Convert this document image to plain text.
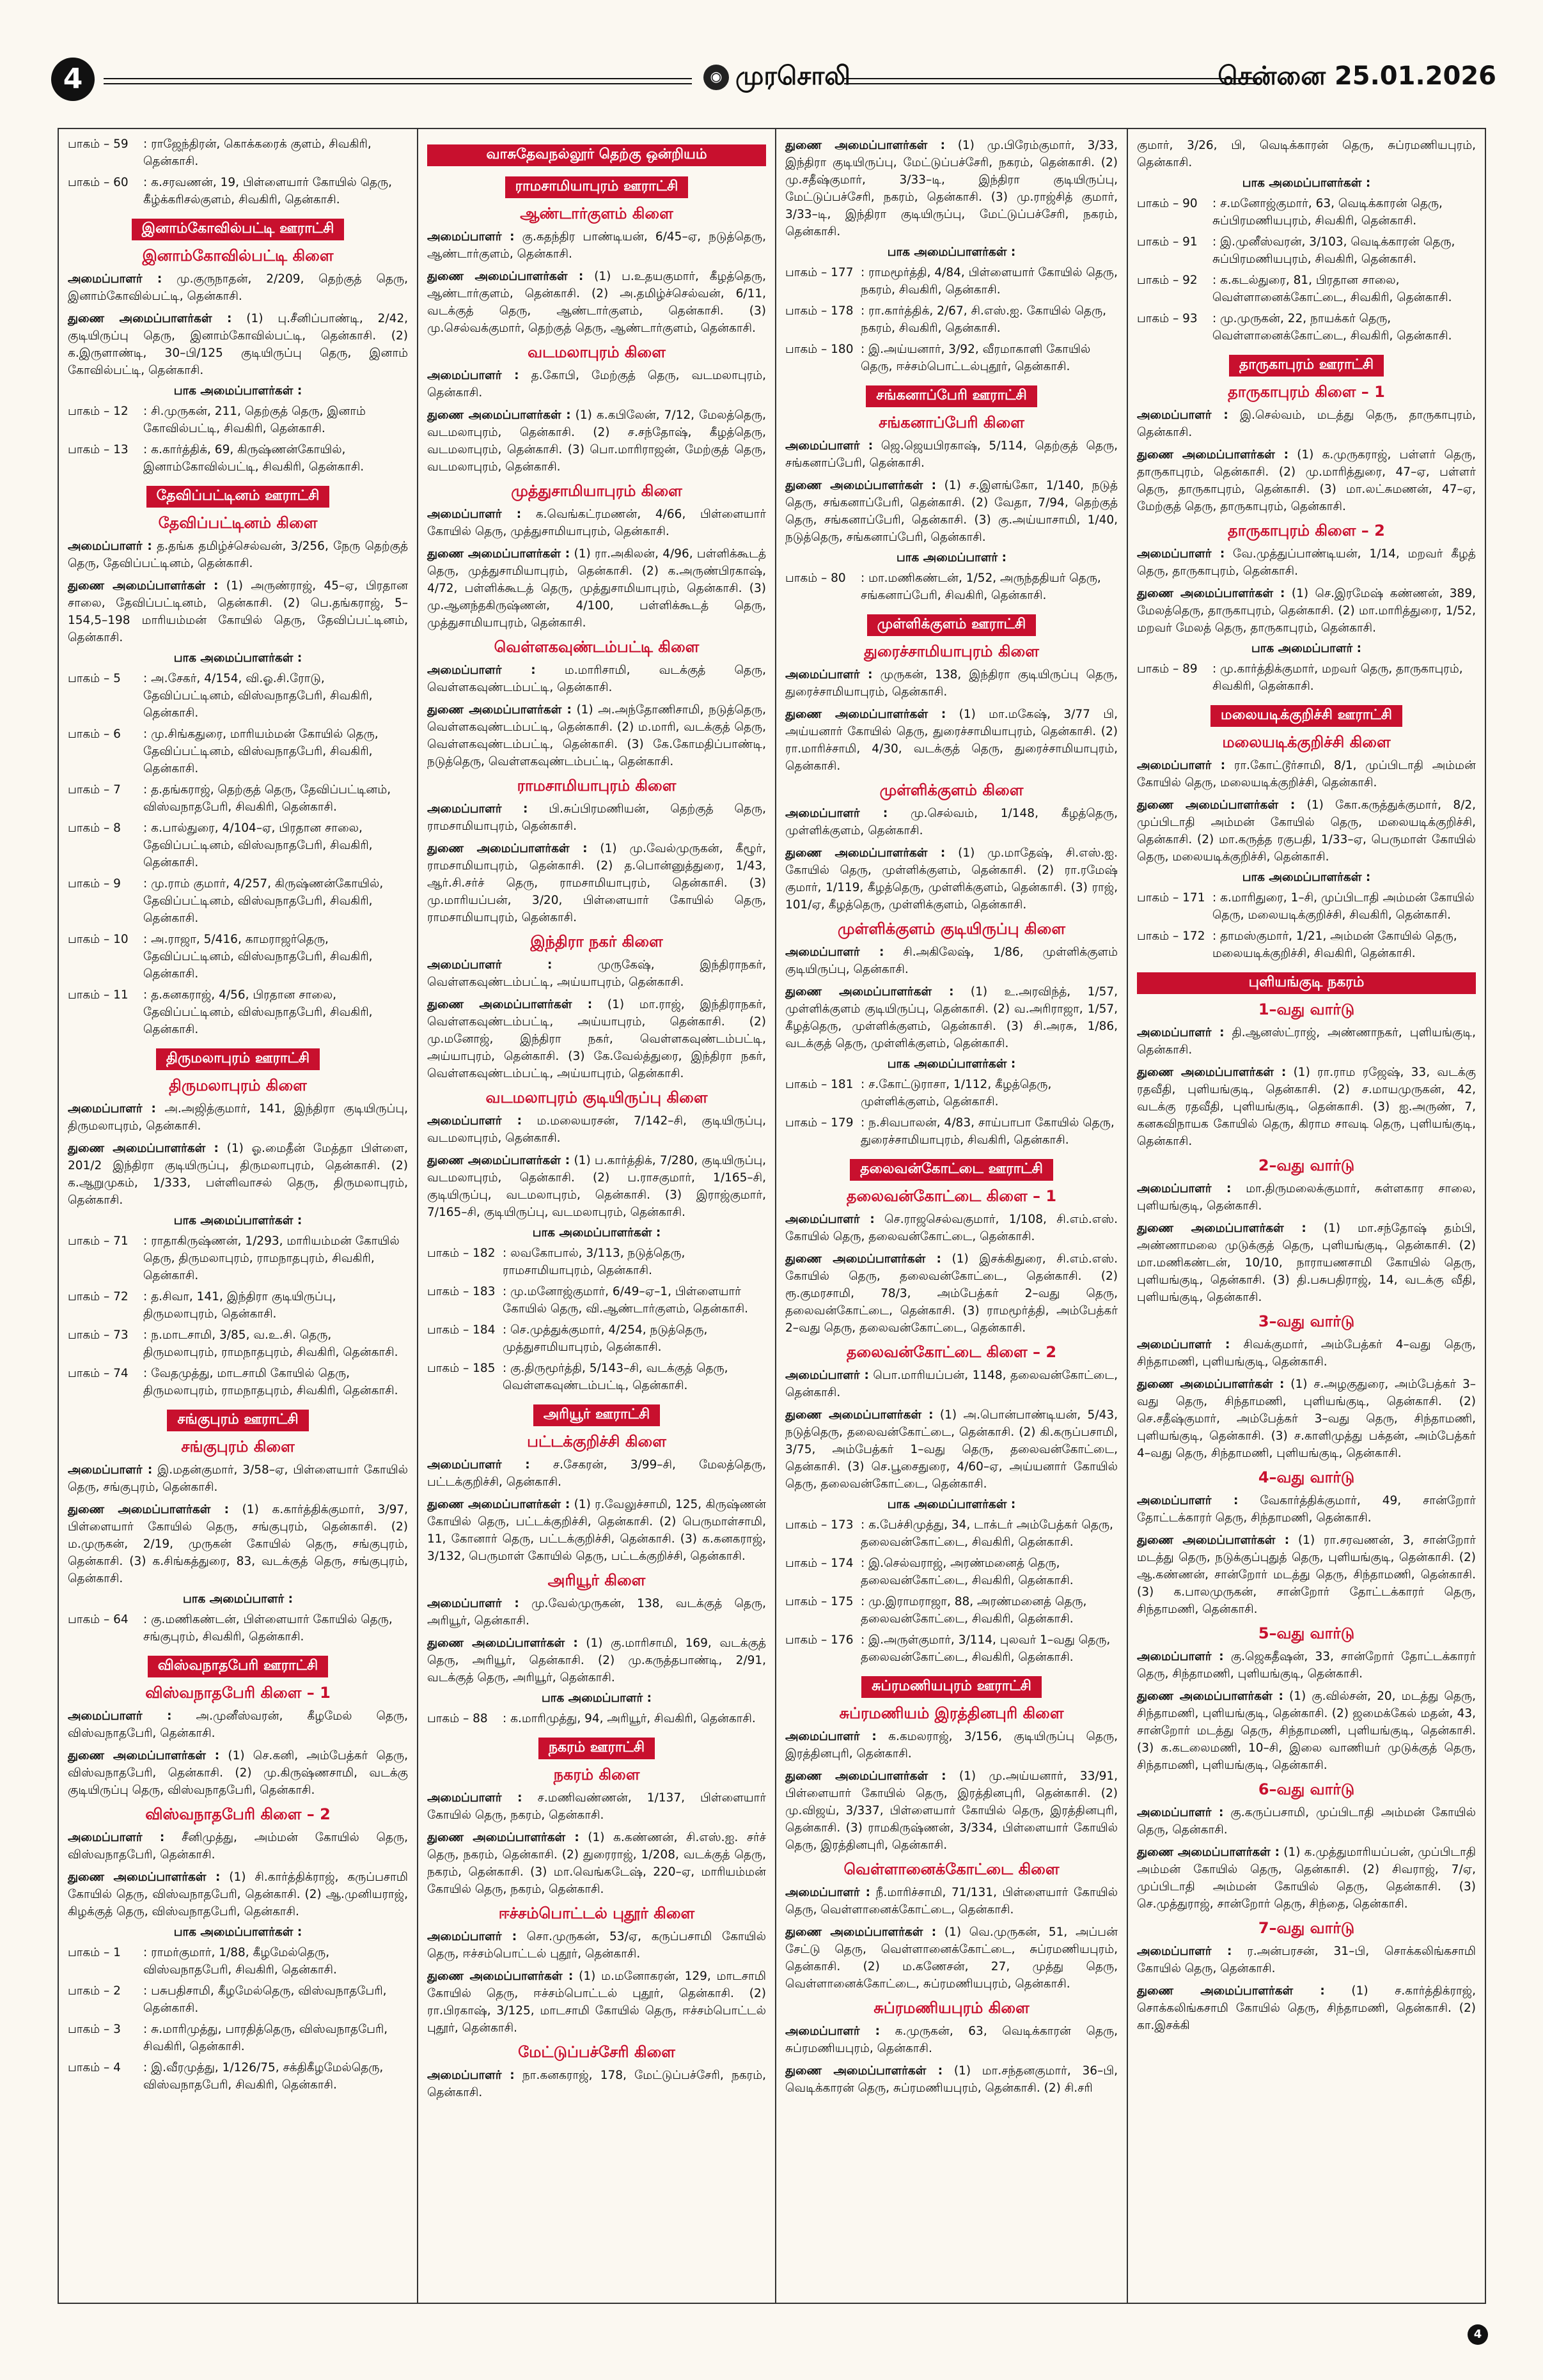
4	◉ முரசொலி	சென்னை 25.01.2026
பாகம் – 59	: ராஜேந்திரன், கொக்கரைக் குளம், சிவகிரி, தென்காசி.
பாகம் – 60	: க.சரவணன், 19, பிள்ளையார் கோயில் தெரு, கீழ்க்கரிசல்குளம், சிவகிரி, தென்காசி.
இனாம்கோவில்பட்டி ஊராட்சி
இனாம்கோவில்பட்டி கிளை
அமைப்பாளர் : மு.குருநாதன், 2/209, தெற்குத் தெரு, இனாம்கோவில்பட்டி, தென்காசி.
துணை அமைப்பாளர்கள் : (1) பு.சீனிப்பாண்டி, 2/42, குடியிருப்பு தெரு, இனாம்கோவில்பட்டி, தென்காசி. (2) க.இருளாண்டி, 30–பி/125 குடியிருப்பு தெரு, இனாம் கோவில்பட்டி, தென்காசி.
பாக அமைப்பாளர்கள் :
பாகம் – 12	: சி.முருகன், 211, தெற்குத் தெரு, இனாம் கோவில்பட்டி, சிவகிரி, தென்காசி.
பாகம் – 13	: க.கார்த்திக், 69, கிருஷ்ணன்கோயில், இனாம்கோவில்பட்டி, சிவகிரி, தென்காசி.
தேவிப்பட்டினம் ஊராட்சி
தேவிப்பட்டினம் கிளை
அமைப்பாளர் : த.தங்க தமிழ்ச்செல்வன், 3/256, நேரு தெற்குத் தெரு, தேவிப்பட்டினம், தென்காசி.
துணை அமைப்பாளர்கள் : (1) அருண்ராஜ், 45–ஏ, பிரதான சாலை, தேவிப்பட்டினம், தென்காசி. (2) பெ.தங்கராஜ், 5–154,5–198 மாரியம்மன் கோயில் தெரு, தேவிப்பட்டினம், தென்காசி.
பாக அமைப்பாளர்கள் :
பாகம் – 5	: அ.சேகர், 4/154, வி.ஓ.சி.ரோடு, தேவிப்பட்டினம், விஸ்வநாதபேரி, சிவகிரி, தென்காசி.
பாகம் – 6	: மு.சிங்கதுரை, மாரியம்மன் கோயில் தெரு, தேவிப்பட்டினம், விஸ்வநாதபேரி, சிவகிரி, தென்காசி.
பாகம் – 7	: த.தங்கராஜ், தெற்குத் தெரு, தேவிப்பட்டினம், விஸ்வநாதபேரி, சிவகிரி, தென்காசி.
பாகம் – 8	: க.பால்துரை, 4/104–ஏ, பிரதான சாலை, தேவிப்பட்டினம், விஸ்வநாதபேரி, சிவகிரி, தென்காசி.
பாகம் – 9	: மு.ராம் குமார், 4/257, கிருஷ்ணன்கோயில், தேவிப்பட்டினம், விஸ்வநாதபேரி, சிவகிரி, தென்காசி.
பாகம் – 10	: அ.ராஜா, 5/416, காமராஜர்தெரு, தேவிப்பட்டினம், விஸ்வநாதபேரி, சிவகிரி, தென்காசி.
பாகம் – 11	: த.கனகராஜ், 4/56, பிரதான சாலை, தேவிப்பட்டினம், விஸ்வநாதபேரி, சிவகிரி, தென்காசி.
திருமலாபுரம் ஊராட்சி
திருமலாபுரம் கிளை
அமைப்பாளர் : அ.அஜித்குமார், 141, இந்திரா குடியிருப்பு, திருமலாபுரம், தென்காசி.
துணை அமைப்பாளர்கள் : (1) ஓ.மைதீன் மேத்தா பிள்ளை, 201/2 இந்திரா குடியிருப்பு, திருமலாபுரம், தென்காசி. (2) க.ஆறுமுகம், 1/333, பள்ளிவாசல் தெரு, திருமலாபுரம், தென்காசி.
பாக அமைப்பாளர்கள் :
பாகம் – 71	: ராதாகிருஷ்ணன், 1/293, மாரியம்மன் கோயில் தெரு, திருமலாபுரம், ராமநாதபுரம், சிவகிரி, தென்காசி.
பாகம் – 72	: த.சிவா, 141, இந்திரா குடியிருப்பு, திருமலாபுரம், தென்காசி.
பாகம் – 73	: ந.மாடசாமி, 3/85, வ.உ.சி. தெரு, திருமலாபுரம், ராமநாதபுரம், சிவகிரி, தென்காசி.
பாகம் – 74	: வேதமுத்து, மாடசாமி கோயில் தெரு, திருமலாபுரம், ராமநாதபுரம், சிவகிரி, தென்காசி.
சங்குபுரம் ஊராட்சி
சங்குபுரம் கிளை
அமைப்பாளர் : இ.மதன்குமார், 3/58–ஏ, பிள்ளையார் கோயில் தெரு, சங்குபுரம், தென்காசி.
துணை அமைப்பாளர்கள் : (1) க.கார்த்திக்குமார், 3/97, பிள்ளையார் கோயில் தெரு, சங்குபுரம், தென்காசி. (2) ம.முருகன், 2/19, முருகன் கோயில் தெரு, சங்குபுரம், தென்காசி. (3) க.சிங்கத்துரை, 83, வடக்குத் தெரு, சங்குபுரம், தென்காசி.
பாக அமைப்பாளர் :
பாகம் – 64	: கு.மணிகண்டன், பிள்ளையார் கோயில் தெரு, சங்குபுரம், சிவகிரி, தென்காசி.
விஸ்வநாதபேரி ஊராட்சி
விஸ்வநாதபேரி கிளை – 1
அமைப்பாளர் : அ.முனீஸ்வரன், கீழமேல் தெரு, விஸ்வநாதபேரி, தென்காசி.
துணை அமைப்பாளர்கள் : (1) செ.கனி, அம்பேத்கர் தெரு, விஸ்வநாதபேரி, தென்காசி. (2) மு.கிருஷ்ணசாமி, வடக்கு குடியிருப்பு தெரு, விஸ்வநாதபேரி, தென்காசி.
விஸ்வநாதபேரி கிளை – 2
அமைப்பாளர் : சீனிமுத்து, அம்மன் கோயில் தெரு, விஸ்வநாதபேரி, தென்காசி.
துணை அமைப்பாளர்கள் : (1) சி.கார்த்திக்ராஜ், கருப்பசாமி கோயில் தெரு, விஸ்வநாதபேரி, தென்காசி. (2) ஆ.முனியராஜ், கிழக்குத் தெரு, விஸ்வநாதபேரி, தென்காசி.
பாக அமைப்பாளர்கள் :
பாகம் – 1	: ராமர்குமார், 1/88, கீழமேல்தெரு, விஸ்வநாதபேரி, சிவகிரி, தென்காசி.
பாகம் – 2	: பசுபதிசாமி, கீழமேல்தெரு, விஸ்வநாதபேரி, தென்காசி.
பாகம் – 3	: சு.மாரிமுத்து, பாரதித்தெரு, விஸ்வநாதபேரி, சிவகிரி, தென்காசி.
பாகம் – 4	: இ.வீரமுத்து, 1/126/75, சக்திகீழமேல்தெரு, விஸ்வநாதபேரி, சிவகிரி, தென்காசி.
வாசுதேவநல்லூர் தெற்கு ஒன்றியம்
ராமசாமியாபுரம் ஊராட்சி
ஆண்டார்குளம் கிளை
அமைப்பாளர் : கு.கதந்திர பாண்டியன், 6/45–ஏ, நடுத்தெரு, ஆண்டார்குளம், தென்காசி.
துணை அமைப்பாளர்கள் : (1) ப.உதயகுமார், கீழத்தெரு, ஆண்டார்குளம், தென்காசி. (2) அ.தமிழ்ச்செல்வன், 6/11, வடக்குத் தெரு, ஆண்டார்குளம், தென்காசி. (3) மு.செல்வக்குமார், தெற்குத் தெரு, ஆண்டார்குளம், தென்காசி.
வடமலாபுரம் கிளை
அமைப்பாளர் : த.கோபி, மேற்குத் தெரு, வடமலாபுரம், தென்காசி.
துணை அமைப்பாளர்கள் : (1) க.கபிலேன், 7/12, மேலத்தெரு, வடமலாபுரம், தென்காசி. (2) ச.சந்தோஷ், கீழத்தெரு, வடமலாபுரம், தென்காசி. (3) பொ.மாரிராஜன், மேற்குத் தெரு, வடமலாபுரம், தென்காசி.
முத்துசாமியாபுரம் கிளை
அமைப்பாளர் : க.வெங்கட்ரமணன், 4/66, பிள்ளையார் கோயில் தெரு, முத்துசாமியாபுரம், தென்காசி.
துணை அமைப்பாளர்கள் : (1) ரா.அகிலன், 4/96, பள்ளிக்கூடத் தெரு, முத்துசாமியாபுரம், தென்காசி. (2) க.அருண்பிரகாஷ், 4/72, பள்ளிக்கூடத் தெரு, முத்துசாமியாபுரம், தென்காசி. (3) மு.ஆனந்தகிருஷ்ணன், 4/100, பள்ளிக்கூடத் தெரு, முத்துசாமியாபுரம், தென்காசி.
வெள்ளகவுண்டம்பட்டி கிளை
அமைப்பாளர் : ம.மாரிசாமி, வடக்குத் தெரு, வெள்ளகவுண்டம்பட்டி, தென்காசி.
துணை அமைப்பாளர்கள் : (1) அ.அந்தோணிசாமி, நடுத்தெரு, வெள்ளகவுண்டம்பட்டி, தென்காசி. (2) ம.மாரி, வடக்குத் தெரு, வெள்ளகவுண்டம்பட்டி, தென்காசி. (3) கே.கோமதிப்பாண்டி, நடுத்தெரு, வெள்ளகவுண்டம்பட்டி, தென்காசி.
ராமசாமியாபுரம் கிளை
அமைப்பாளர் : பி.சுப்பிரமணியன், தெற்குத் தெரு, ராமசாமியாபுரம், தென்காசி.
துணை அமைப்பாளர்கள் : (1) மு.வேல்முருகன், கீழூர், ராமசாமியாபுரம், தென்காசி. (2) த.பொன்னுத்துரை, 1/43, ஆர்.சி.சர்ச் தெரு, ராமசாமியாபுரம், தென்காசி. (3) மு.மாரியப்பன், 3/20, பிள்ளையார் கோயில் தெரு, ராமசாமியாபுரம், தென்காசி.
இந்திரா நகர் கிளை
அமைப்பாளர் : முருகேஷ், இந்திராநகர், வெள்ளகவுண்டம்பட்டி, அய்யாபுரம், தென்காசி.
துணை அமைப்பாளர்கள் : (1) மா.ராஜ், இந்திராநகர், வெள்ளகவுண்டம்பட்டி, அய்யாபுரம், தென்காசி. (2) மு.மனோஜ், இந்திரா நகர், வெள்ளகவுண்டம்பட்டி, அய்யாபுரம், தென்காசி. (3) கே.வேல்த்துரை, இந்திரா நகர், வெள்ளகவுண்டம்பட்டி, அய்யாபுரம், தென்காசி.
வடமலாபுரம் குடியிருப்பு கிளை
அமைப்பாளர் : ம.மலையரசன், 7/142–சி, குடியிருப்பு, வடமலாபுரம், தென்காசி.
துணை அமைப்பாளர்கள் : (1) ப.கார்த்திக், 7/280, குடியிருப்பு, வடமலாபுரம், தென்காசி. (2) ப.ராசகுமார், 1/165–சி, குடியிருப்பு, வடமலாபுரம், தென்காசி. (3) இராஜ்குமார், 7/165–சி, குடியிருப்பு, வடமலாபுரம், தென்காசி.
பாக அமைப்பாளர்கள் :
பாகம் – 182 : லவகோபால், 3/113, நடுத்தெரு, ராமசாமியாபுரம், தென்காசி.
பாகம் – 183 : மு.மனோஜ்குமார், 6/49–ஏ–1, பிள்ளையார் கோயில் தெரு, வி.ஆண்டார்குளம், தென்காசி.
பாகம் – 184 : செ.முத்துக்குமார், 4/254, நடுத்தெரு, முத்துசாமியாபுரம், தென்காசி.
பாகம் – 185 : கு.திருமூர்த்தி, 5/143–சி, வடக்குத் தெரு, வெள்ளகவுண்டம்பட்டி, தென்காசி.
அரியூர் ஊராட்சி
பட்டக்குறிச்சி கிளை
அமைப்பாளர் : ச.சேகரன், 3/99–சி, மேலத்தெரு, பட்டக்குறிச்சி, தென்காசி.
துணை அமைப்பாளர்கள் : (1) ர.வேலுச்சாமி, 125, கிருஷ்ணன் கோயில் தெரு, பட்டக்குறிச்சி, தென்காசி. (2) பெருமாள்சாமி, 11, கோனார் தெரு, பட்டக்குறிச்சி, தென்காசி. (3) க.கனகராஜ், 3/132, பெருமாள் கோயில் தெரு, பட்டக்குறிச்சி, தென்காசி.
அரியூர் கிளை
அமைப்பாளர் : மு.வேல்முருகன், 138, வடக்குத் தெரு, அரியூர், தென்காசி.
துணை அமைப்பாளர்கள் : (1) கு.மாரிசாமி, 169, வடக்குத் தெரு, அரியூர், தென்காசி. (2) மு.கருத்தபாண்டி, 2/91, வடக்குத் தெரு, அரியூர், தென்காசி.
பாக அமைப்பாளர் :
பாகம் – 88	: க.மாரிமுத்து, 94, அரியூர், சிவகிரி, தென்காசி.
நகரம் ஊராட்சி
நகரம் கிளை
அமைப்பாளர் : ச.மணிவண்ணன், 1/137, பிள்ளையார் கோயில் தெரு, நகரம், தென்காசி.
துணை அமைப்பாளர்கள் : (1) க.கண்ணன், சி.எஸ்.ஐ. சர்ச் தெரு, நகரம், தென்காசி. (2) துரைராஜ், 1/208, வடக்குத் தெரு, நகரம், தென்காசி. (3) மா.வெங்கடேஷ், 220–ஏ, மாரியம்மன் கோயில் தெரு, நகரம், தென்காசி.
ஈச்சம்பொட்டல் புதூர் கிளை
அமைப்பாளர் : சொ.முருகன், 53/ஏ, கருப்பசாமி கோயில் தெரு, ஈச்சம்பொட்டல் புதூர், தென்காசி.
துணை அமைப்பாளர்கள் : (1) ம.மனோகரன், 129, மாடசாமி கோயில் தெரு, ஈச்சம்பொட்டல் புதூர், தென்காசி. (2) ரா.பிரகாஷ், 3/125, மாடசாமி கோயில் தெரு, ஈச்சம்பொட்டல் புதூர், தென்காசி.
மேட்டுப்பச்சேரி கிளை
அமைப்பாளர் : நா.கனகராஜ், 178, மேட்டுப்பச்சேரி, நகரம், தென்காசி.
துணை அமைப்பாளர்கள் : (1) மு.பிரேம்குமார், 3/33, இந்திரா குடியிருப்பு, மேட்டுப்பச்சேரி, நகரம், தென்காசி. (2) மு.சதீஷ்குமார், 3/33–டி, இந்திரா குடியிருப்பு, மேட்டுப்பச்சேரி, நகரம், தென்காசி. (3) மு.ராஜ்சித் குமார், 3/33–டி, இந்திரா குடியிருப்பு, மேட்டுப்பச்சேரி, நகரம், தென்காசி.
பாக அமைப்பாளர்கள் :
பாகம் – 177 : ராமமூர்த்தி, 4/84, பிள்ளையார் கோயில் தெரு, நகரம், சிவகிரி, தென்காசி.
பாகம் – 178 : ரா.கார்த்திக், 2/67, சி.எஸ்.ஐ. கோயில் தெரு, நகரம், சிவகிரி, தென்காசி.
பாகம் – 180 : இ.அய்யனார், 3/92, வீரமாகாளி கோயில் தெரு, ஈச்சம்பொட்டல்புதூர், தென்காசி.
சங்கனாப்பேரி ஊராட்சி
சங்கனாப்பேரி கிளை
அமைப்பாளர் : ஜெ.ஜெயபிரகாஷ், 5/114, தெற்குத் தெரு, சங்கனாப்பேரி, தென்காசி.
துணை அமைப்பாளர்கள் : (1) ச.இளங்கோ, 1/140, நடுத் தெரு, சங்கனாப்பேரி, தென்காசி. (2) வேதா, 7/94, தெற்குத் தெரு, சங்கனாப்பேரி, தென்காசி. (3) கு.அய்யாசாமி, 1/40, நடுத்தெரு, சங்கனாப்பேரி, தென்காசி.
பாக அமைப்பாளர் :
பாகம் – 80	: மா.மணிகண்டன், 1/52, அருந்ததியர் தெரு, சங்கனாப்பேரி, சிவகிரி, தென்காசி.
முள்ளிக்குளம் ஊராட்சி
துரைச்சாமியாபுரம் கிளை
அமைப்பாளர் : முருகன், 138, இந்திரா குடியிருப்பு தெரு, துரைச்சாமியாபுரம், தென்காசி.
துணை அமைப்பாளர்கள் : (1) மா.மகேஷ், 3/77 பி, அய்யனார் கோயில் தெரு, துரைச்சாமியாபுரம், தென்காசி. (2) ரா.மாரிச்சாமி, 4/30, வடக்குத் தெரு, துரைச்சாமியாபுரம், தென்காசி.
முள்ளிக்குளம் கிளை
அமைப்பாளர் : மு.செல்வம், 1/148, கீழத்தெரு, முள்ளிக்குளம், தென்காசி.
துணை அமைப்பாளர்கள் : (1) மு.மாதேஷ், சி.எஸ்.ஐ. கோயில் தெரு, முள்ளிக்குளம், தென்காசி. (2) ரா.ரமேஷ் குமார், 1/119, கீழத்தெரு, முள்ளிக்குளம், தென்காசி. (3) ராஜ், 101/ஏ, கீழத்தெரு, முள்ளிக்குளம், தென்காசி.
முள்ளிக்குளம் குடியிருப்பு கிளை
அமைப்பாளர் : சி.அகிலேஷ், 1/86, முள்ளிக்குளம் குடியிருப்பு, தென்காசி.
துணை அமைப்பாளர்கள் : (1) உ.அரவிந்த், 1/57, முள்ளிக்குளம் குடியிருப்பு, தென்காசி. (2) வ.அரிராஜா, 1/57, கீழத்தெரு, முள்ளிக்குளம், தென்காசி. (3) சி.அரசு, 1/86, வடக்குத் தெரு, முள்ளிக்குளம், தென்காசி.
பாக அமைப்பாளர்கள் :
பாகம் – 181 : ச.கோட்டுராசா, 1/112, கீழத்தெரு, முள்ளிக்குளம், தென்காசி.
பாகம் – 179 : ந.சிவபாலன், 4/83, சாய்பாபா கோயில் தெரு, துரைச்சாமியாபுரம், சிவகிரி, தென்காசி.
தலைவன்கோட்டை ஊராட்சி
தலைவன்கோட்டை கிளை – 1
அமைப்பாளர் : செ.ராஜசெல்வகுமார், 1/108, சி.எம்.எஸ். கோயில் தெரு, தலைவன்கோட்டை, தென்காசி.
துணை அமைப்பாளர்கள் : (1) இசக்கிதுரை, சி.எம்.எஸ். கோயில் தெரு, தலைவன்கோட்டை, தென்காசி. (2) ரூ.குமரசாமி, 78/3, அம்பேத்கர் 2–வது தெரு, தலைவன்கோட்டை, தென்காசி. (3) ராமமூர்த்தி, அம்பேத்கர் 2–வது தெரு, தலைவன்கோட்டை, தென்காசி.
தலைவன்கோட்டை கிளை – 2
அமைப்பாளர் : பொ.மாரியப்பன், 1148, தலைவன்கோட்டை, தென்காசி.
துணை அமைப்பாளர்கள் : (1) அ.பொன்பாண்டியன், 5/43, நடுத்தெரு, தலைவன்கோட்டை, தென்காசி. (2) கி.கருப்பசாமி, 3/75, அம்பேத்கர் 1–வது தெரு, தலைவன்கோட்டை, தென்காசி. (3) செ.பூசைதுரை, 4/60–ஏ, அய்யனார் கோயில் தெரு, தலைவன்கோட்டை, தென்காசி.
பாக அமைப்பாளர்கள் :
பாகம் – 173 : க.பேச்சிமுத்து, 34, டாக்டர் அம்பேத்கர் தெரு, தலைவன்கோட்டை, சிவகிரி, தென்காசி.
பாகம் – 174 : இ.செல்வராஜ், அரண்மனைத் தெரு, தலைவன்கோட்டை, சிவகிரி, தென்காசி.
பாகம் – 175 : மு.இராமராஜா, 88, அரண்மனைத் தெரு, தலைவன்கோட்டை, சிவகிரி, தென்காசி.
பாகம் – 176 : இ.அருள்குமார், 3/114, புலவர் 1–வது தெரு, தலைவன்கோட்டை, சிவகிரி, தென்காசி.
சுப்ரமணியபுரம் ஊராட்சி
சுப்ரமணியம் இரத்தினபுரி கிளை
அமைப்பாளர் : க.கமலராஜ், 3/156, குடியிருப்பு தெரு, இரத்தினபுரி, தென்காசி.
துணை அமைப்பாளர்கள் : (1) மு.அய்யனார், 33/91, பிள்ளையார் கோயில் தெரு, இரத்தினபுரி, தென்காசி. (2) மு.விஜய், 3/337, பிள்ளையார் கோயில் தெரு, இரத்தினபுரி, தென்காசி. (3) ராமகிருஷ்ணன், 3/334, பிள்ளையார் கோயில் தெரு, இரத்தினபுரி, தென்காசி.
வெள்ளானைக்கோட்டை கிளை
அமைப்பாளர் : நீ.மாரிச்சாமி, 71/131, பிள்ளையார் கோயில் தெரு, வெள்ளானைக்கோட்டை, தென்காசி.
துணை அமைப்பாளர்கள் : (1) வெ.முருகன், 51, அப்பன் சேட்டு தெரு, வெள்ளானைக்கோட்டை, சுப்ரமணியபுரம், தென்காசி. (2) ம.கணேசன், 27, முத்து தெரு, வெள்ளானைக்கோட்டை, சுப்ரமணியபுரம், தென்காசி.
சுப்ரமணியபுரம் கிளை
அமைப்பாளர் : க.முருகன், 63, வெடிக்காரன் தெரு, சுப்ரமணியபுரம், தென்காசி.
துணை அமைப்பாளர்கள் : (1) மா.சந்தனகுமார், 36–பி, வெடிக்காரன் தெரு, சுப்ரமணியபுரம், தென்காசி. (2) சி.சரி
குமார், 3/26, பி, வெடிக்காரன் தெரு, சுப்ரமணியபுரம், தென்காசி.
பாக அமைப்பாளர்கள் :
பாகம் – 90	: ச.மனோஜ்குமார், 63, வெடிக்காரன் தெரு, சுப்பிரமணியபுரம், சிவகிரி, தென்காசி.
பாகம் – 91	: இ.முனீஸ்வரன், 3/103, வெடிக்காரன் தெரு, சுப்பிரமணியபுரம், சிவகிரி, தென்காசி.
பாகம் – 92	: க.கடல்துரை, 81, பிரதான சாலை, வெள்ளானைக்கோட்டை, சிவகிரி, தென்காசி.
பாகம் – 93	: மு.முருகன், 22, நாயக்கர் தெரு, வெள்ளானைக்கோட்டை, சிவகிரி, தென்காசி.
தாருகாபுரம் ஊராட்சி
தாருகாபுரம் கிளை – 1
அமைப்பாளர் : இ.செல்வம், மடத்து தெரு, தாருகாபுரம், தென்காசி.
துணை அமைப்பாளர்கள் : (1) க.முருகராஜ், பள்ளர் தெரு, தாருகாபுரம், தென்காசி. (2) மு.மாரித்துரை, 47–ஏ, பள்ளர் தெரு, தாருகாபுரம், தென்காசி. (3) மா.லட்சுமணன், 47–ஏ, மேற்குத் தெரு, தாருகாபுரம், தென்காசி.
தாருகாபுரம் கிளை – 2
அமைப்பாளர் : வே.முத்துப்பாண்டியன், 1/14, மறவர் கீழத் தெரு, தாருகாபுரம், தென்காசி.
துணை அமைப்பாளர்கள் : (1) செ.இரமேஷ் கண்ணன், 389, மேலத்தெரு, தாருகாபுரம், தென்காசி. (2) மா.மாரித்துரை, 1/52, மறவர் மேலத் தெரு, தாருகாபுரம், தென்காசி.
பாக அமைப்பாளர் :
பாகம் – 89	: மு.கார்த்திக்குமார், மறவர் தெரு, தாருகாபுரம், சிவகிரி, தென்காசி.
மலையடிக்குறிச்சி ஊராட்சி
மலையடிக்குறிச்சி கிளை
அமைப்பாளர் : ரா.கோட்டூர்சாமி, 8/1, முப்பிடாதி அம்மன் கோயில் தெரு, மலையடிக்குறிச்சி, தென்காசி.
துணை அமைப்பாளர்கள் : (1) கோ.கருத்துக்குமார், 8/2, முப்பிடாதி அம்மன் கோயில் தெரு, மலையடிக்குறிச்சி, தென்காசி. (2) மா.கருத்த ரகுபதி, 1/33–ஏ, பெருமாள் கோயில் தெரு, மலையடிக்குறிச்சி, தென்காசி.
பாக அமைப்பாளர்கள் :
பாகம் – 171 : க.மாரிதுரை, 1–சி, முப்பிடாதி அம்மன் கோயில் தெரு, மலையடிக்குறிச்சி, சிவகிரி, தென்காசி.
பாகம் – 172 : தாமஸ்குமார், 1/21, அம்மன் கோயில் தெரு, மலையடிக்குறிச்சி, சிவகிரி, தென்காசி.
புளியங்குடி நகரம்
1–வது வார்டு
அமைப்பாளர் : தி.ஆனஸ்ட்ராஜ், அண்ணாநகர், புளியங்குடி, தென்காசி.
துணை அமைப்பாளர்கள் : (1) ரா.ராம ரஜேஷ், 33, வடக்கு ரதவீதி, புளியங்குடி, தென்காசி. (2) ச.மாயமுருகன், 42, வடக்கு ரதவீதி, புளியங்குடி, தென்காசி. (3) ஐ.அருண், 7, கனகவிநாயக கோயில் தெரு, கிராம சாவடி தெரு, புளியங்குடி, தென்காசி.
2–வது வார்டு
அமைப்பாளர் : மா.திருமலைக்குமார், சுள்ளகார சாலை, புளியங்குடி, தென்காசி.
துணை அமைப்பாளர்கள் : (1) மா.சந்தோஷ் தம்பி, அண்ணாமலை முடுக்குத் தெரு, புளியங்குடி, தென்காசி. (2) மா.மணிகண்டன், 10/10, நாராயணசாமி கோயில் தெரு, புளியங்குடி, தென்காசி. (3) தி.பசுபதிராஜ், 14, வடக்கு வீதி, புளியங்குடி, தென்காசி.
3–வது வார்டு
அமைப்பாளர் : சிவக்குமார், அம்பேத்கர் 4–வது தெரு, சிந்தாமணி, புளியங்குடி, தென்காசி.
துணை அமைப்பாளர்கள் : (1) ச.அழகுதுரை, அம்பேத்கர் 3–வது தெரு, சிந்தாமணி, புளியங்குடி, தென்காசி. (2) செ.சதீஷ்குமார், அம்பேத்கர் 3–வது தெரு, சிந்தாமணி, புளியங்குடி, தென்காசி. (3) ச.காளிமுத்து பக்தன், அம்பேத்கர் 4–வது தெரு, சிந்தாமணி, புளியங்குடி, தென்காசி.
4–வது வார்டு
அமைப்பாளர் : வேகார்த்திக்குமார், 49, சான்றோர் தோட்டக்காரர் தெரு, சிந்தாமணி, தென்காசி.
துணை அமைப்பாளர்கள் : (1) ரா.சரவணன், 3, சான்றோர் மடத்து தெரு, நடுக்குப்புதுத் தெரு, புளியங்குடி, தென்காசி. (2) ஆ.கண்ணன், சான்றோர் மடத்து தெரு, சிந்தாமணி, தென்காசி. (3) க.பாலமுருகன், சான்றோர் தோட்டக்காரர் தெரு, சிந்தாமணி, தென்காசி.
5–வது வார்டு
அமைப்பாளர் : கு.ஜெகதீஷன், 33, சான்றோர் தோட்டக்காரர் தெரு, சிந்தாமணி, புளியங்குடி, தென்காசி.
துணை அமைப்பாளர்கள் : (1) கு.வில்சன், 20, மடத்து தெரு, சிந்தாமணி, புளியங்குடி, தென்காசி. (2) ஜமைக்கேல் மதன், 43, சான்றோர் மடத்து தெரு, சிந்தாமணி, புளியங்குடி, தென்காசி. (3) க.கடலைமணி, 10–சி, இலை வாணியர் முடுக்குத் தெரு, சிந்தாமணி, புளியங்குடி, தென்காசி.
6–வது வார்டு
அமைப்பாளர் : கு.கருப்பசாமி, முப்பிடாதி அம்மன் கோயில் தெரு, தென்காசி.
துணை அமைப்பாளர்கள் : (1) க.முத்துமாரியப்பன், முப்பிடாதி அம்மன் கோயில் தெரு, தென்காசி. (2) சிவராஜ், 7/ஏ, முப்பிடாதி அம்மன் கோயில் தெரு, தென்காசி. (3) செ.முத்துராஜ், சான்றோர் தெரு, சிந்தை, தென்காசி.
7–வது வார்டு
அமைப்பாளர் : ர.அன்பரசன், 31–பி, சொக்கலிங்கசாமி கோயில் தெரு, தென்காசி.
துணை அமைப்பாளர்கள் : (1) ச.கார்த்திக்ராஜ், சொக்கலிங்கசாமி கோயில் தெரு, சிந்தாமணி, தென்காசி. (2) கா.இசக்கி
4
